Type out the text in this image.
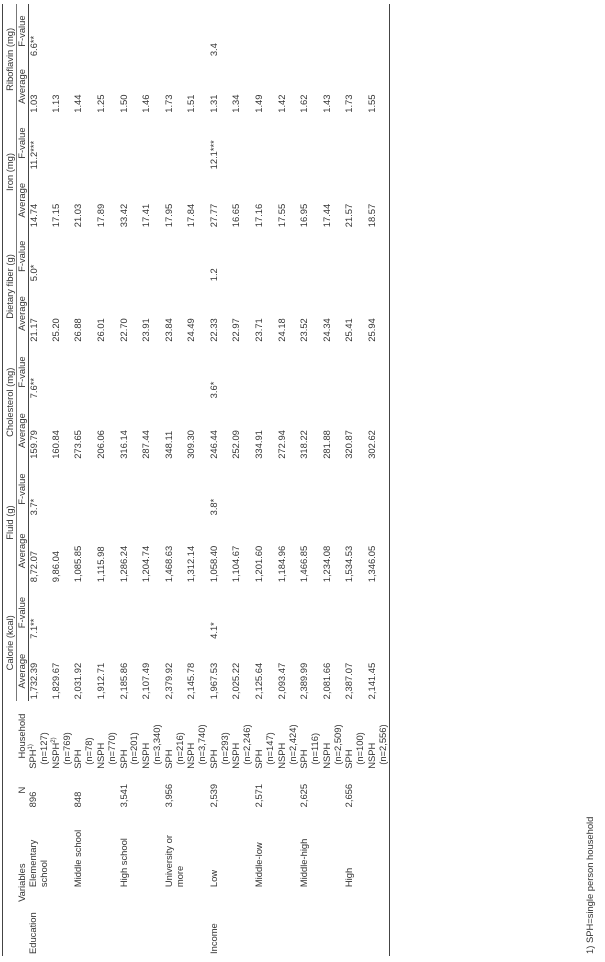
Variables		N	Household	Calorie (kcal)		Fluid (g)		Cholesterol (mg)		Dietary fiber (g)		Iron (mg)		Riboflavin (mg)	
				Average	F-value	Average	F-value	Average	F-value	Average	F-value	Average	F-value	Average	F-value
Education	Elementary school	896	SPH$^{1)}$ (n=127)	1,732.39	7.1**	8,72.07	3.7*	159.79	7.6**	21.17	5.0*	14.74	11.2***	1.03	6.6**
			NSPH$^{2)}$ (n=769)	1,829.67		9,86.04		160.84		25.20		17.15		1.13	
	Middle school	848	SPH (n=78)	2,031.92		1,085.85		273.65		26.88		21.03		1.44	
			NSPH (n=770)	1,912.71		1,115.98		206.06		26.01		17.89		1.25	
	High school	3,541	SPH (n=201)	2,185.86		1,286.24		316.14		22.70		33.42		1.50	
			NSPH (n=3,340)	2,107.49		1,204.74		287.44		23.91		17.41		1.46	
	University or more	3,956	SPH (n=216)	2,379.92		1,468.63		348.11		23.84		17.95		1.73	
			NSPH (n=3,740)	2,145.78		1,312.14		309.30		24.49		17.84		1.51	
Income	Low	2,539	SPH (n=293)	1,967.53	4.1*	1,058.40	3.8*	246.44	3.6*	22.33	1.2	27.77	12.1***	1.31	3.4
			NSPH (n=2,246)	2,025.22		1,104.67		252.09		22.97		16.65		1.34	
	Middle-low	2,571	SPH (n=147)	2,125.64		1,201.60		334.91		23.71		17.16		1.49	
			NSPH (n=2,424)	2,093.47		1,184.96		272.94		24.18		17.55		1.42	
	Middle-high	2,625	SPH (n=116)	2,389.99		1,466.85		318.22		23.52		16.95		1.62	
			NSPH (n=2,509)	2,081.66		1,234.08		281.88		24.34		17.44		1.43	
	High	2,656	SPH (n=100)	2,387.07		1,534.53		320.87		25.41		21.57		1.73	
			NSPH (n=2,556)	2,141.45		1,346.05		302.62		25.94		18.57		1.55	
1) SPH=single person household
